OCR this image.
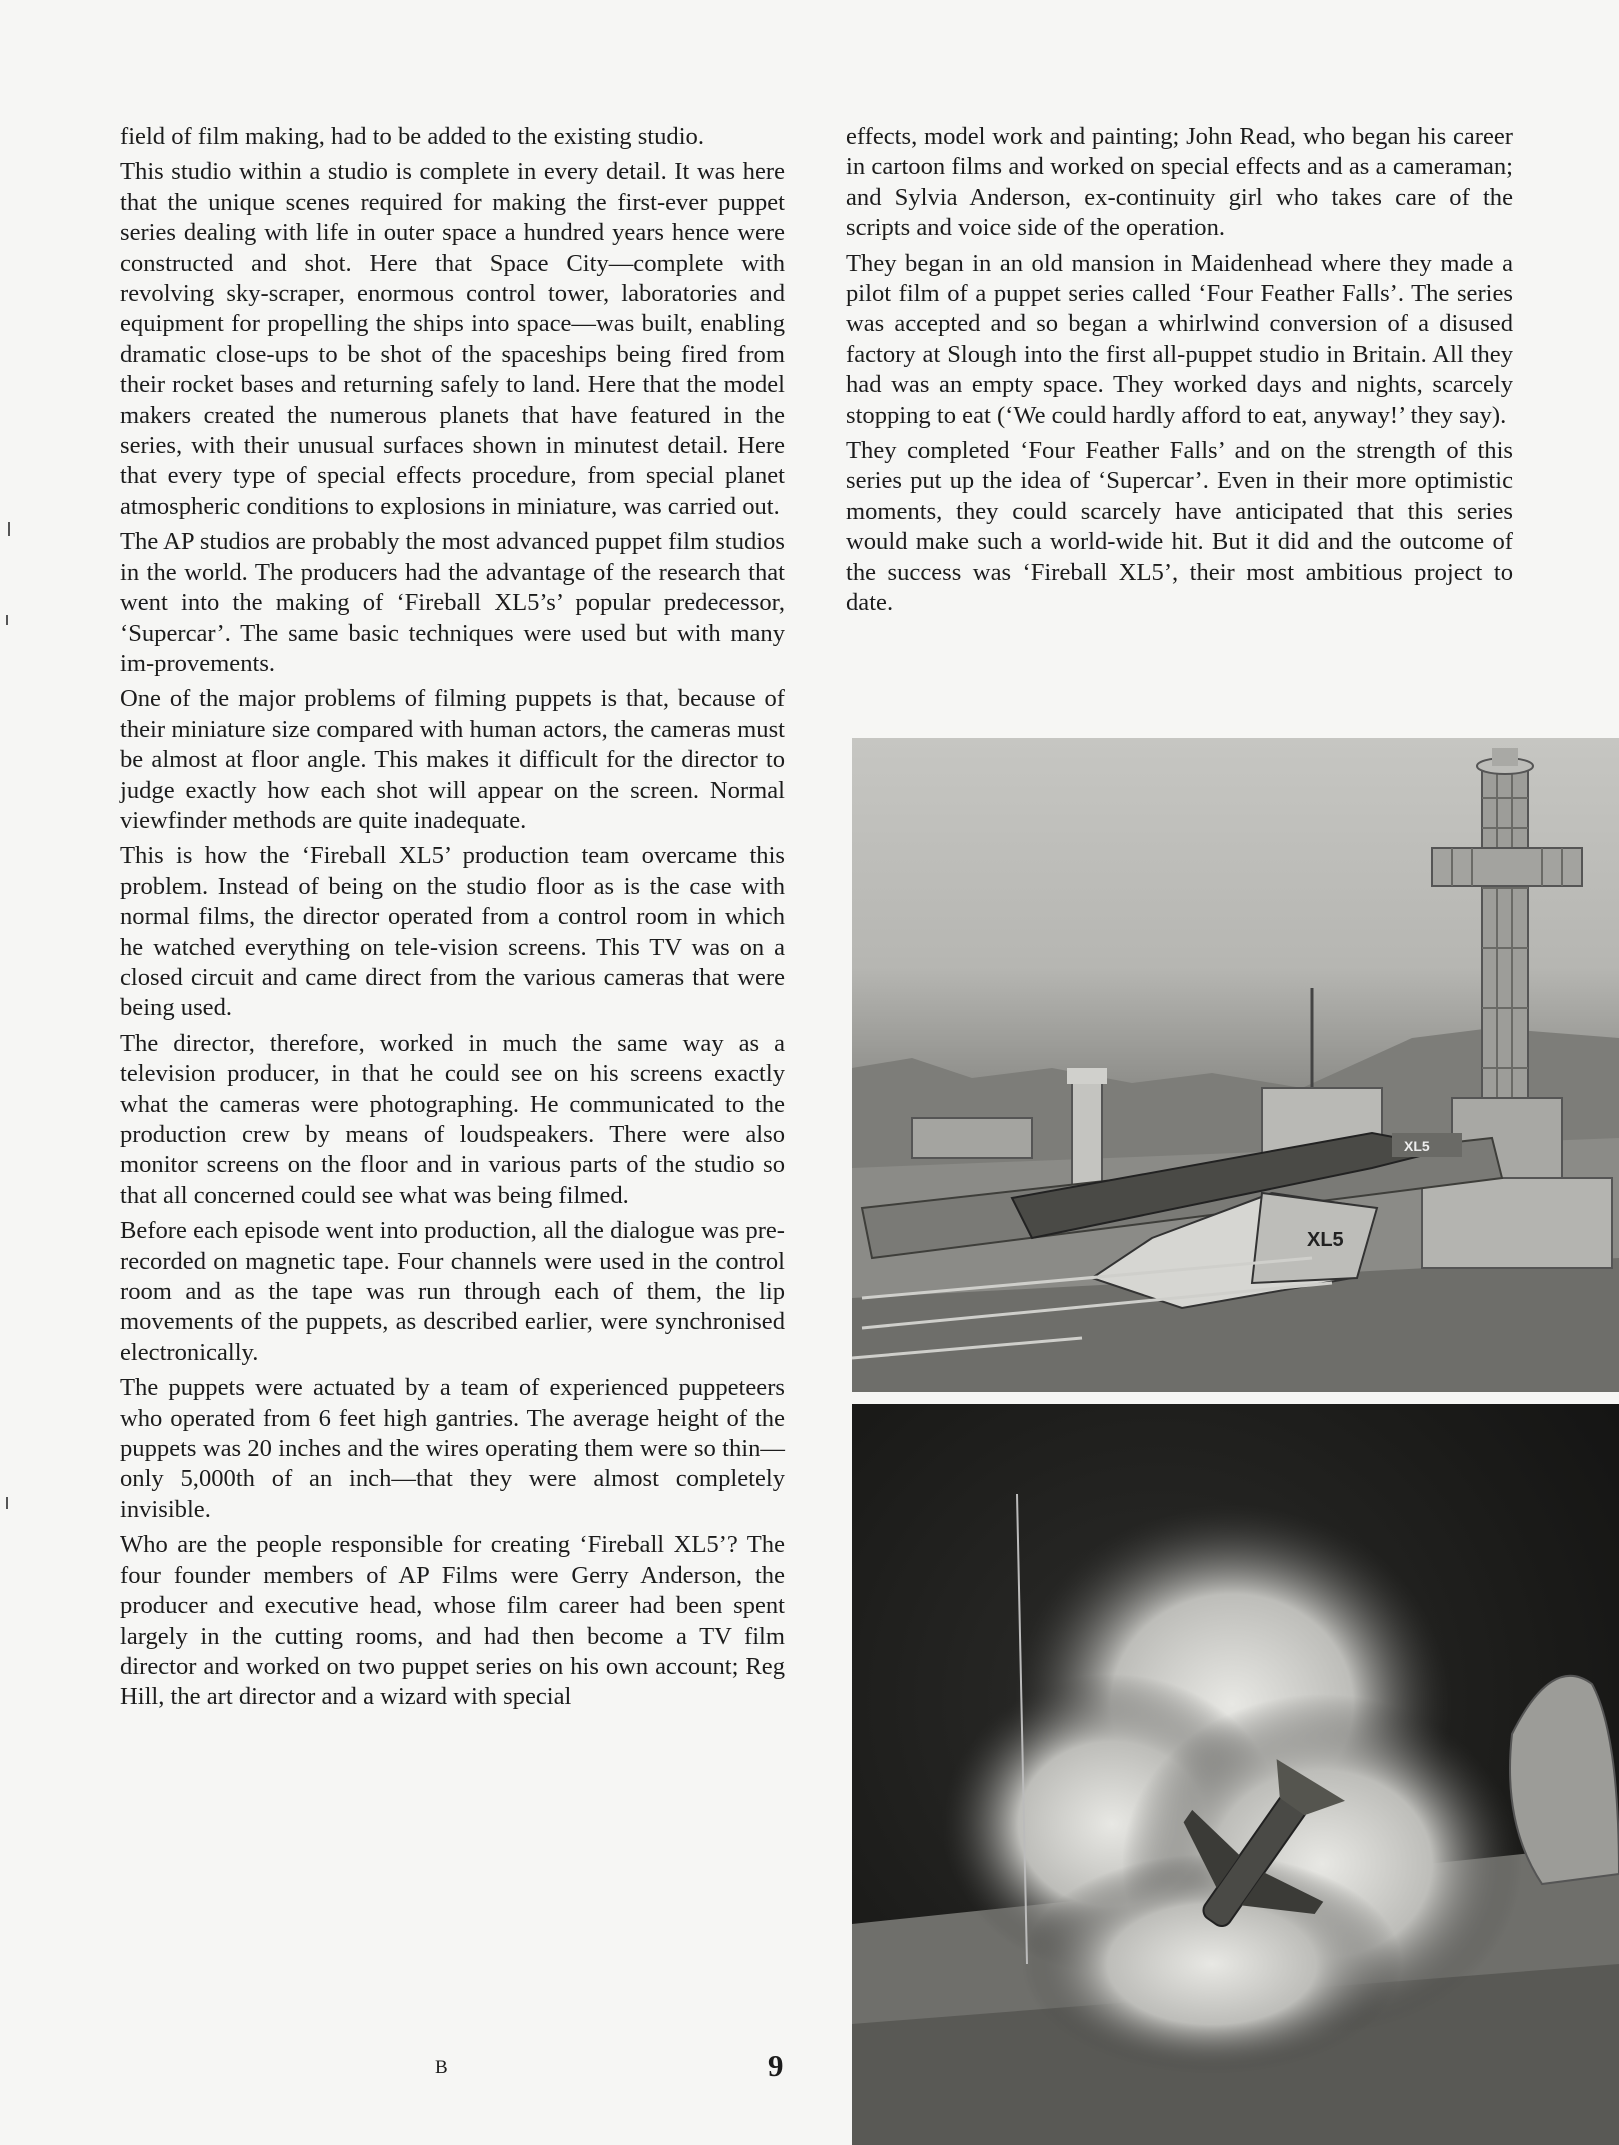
field of film making, had to be added to the existing studio.

This studio within a studio is complete in every detail. It was here that the unique scenes required for making the first-ever puppet series dealing with life in outer space a hundred years hence were constructed and shot. Here that Space City—complete with revolving sky-scraper, enormous control tower, laboratories and equipment for propelling the ships into space—was built, enabling dramatic close-ups to be shot of the spaceships being fired from their rocket bases and returning safely to land. Here that the model makers created the numerous planets that have featured in the series, with their unusual surfaces shown in minutest detail. Here that every type of special effects procedure, from special planet atmospheric conditions to explosions in miniature, was carried out.

The AP studios are probably the most advanced puppet film studios in the world. The producers had the advantage of the research that went into the making of ‘Fireball XL5’s’ popular predecessor, ‘Supercar’. The same basic techniques were used but with many im-provements.

One of the major problems of filming puppets is that, because of their miniature size compared with human actors, the cameras must be almost at floor angle. This makes it difficult for the director to judge exactly how each shot will appear on the screen. Normal viewfinder methods are quite inadequate.

This is how the ‘Fireball XL5’ production team overcame this problem. Instead of being on the studio floor as is the case with normal films, the director operated from a control room in which he watched everything on tele-vision screens. This TV was on a closed circuit and came direct from the various cameras that were being used.

The director, therefore, worked in much the same way as a television producer, in that he could see on his screens exactly what the cameras were photographing. He communicated to the production crew by means of loudspeakers. There were also monitor screens on the floor and in various parts of the studio so that all concerned could see what was being filmed.

Before each episode went into production, all the dialogue was pre-recorded on magnetic tape. Four channels were used in the control room and as the tape was run through each of them, the lip movements of the puppets, as described earlier, were synchronised electronically.

The puppets were actuated by a team of experienced puppeteers who operated from 6 feet high gantries. The average height of the puppets was 20 inches and the wires operating them were so thin—only 5,000th of an inch—that they were almost completely invisible.

Who are the people responsible for creating ‘Fireball XL5’? The four founder members of AP Films were Gerry Anderson, the producer and executive head, whose film career had been spent largely in the cutting rooms, and had then become a TV film director and worked on two puppet series on his own account; Reg Hill, the art director and a wizard with special

effects, model work and painting; John Read, who began his career in cartoon films and worked on special effects and as a cameraman; and Sylvia Anderson, ex-continuity girl who takes care of the scripts and voice side of the operation.

They began in an old mansion in Maidenhead where they made a pilot film of a puppet series called ‘Four Feather Falls’. The series was accepted and so began a whirlwind conversion of a disused factory at Slough into the first all-puppet studio in Britain. All they had was an empty space. They worked days and nights, scarcely stopping to eat (‘We could hardly afford to eat, anyway!’ they say).

They completed ‘Four Feather Falls’ and on the strength of this series put up the idea of ‘Supercar’. Even in their more optimistic moments, they could scarcely have anticipated that this series would make such a world-wide hit. But it did and the outcome of the success was ‘Fireball XL5’, their most ambitious project to date.

XL5
XL5
B	9
